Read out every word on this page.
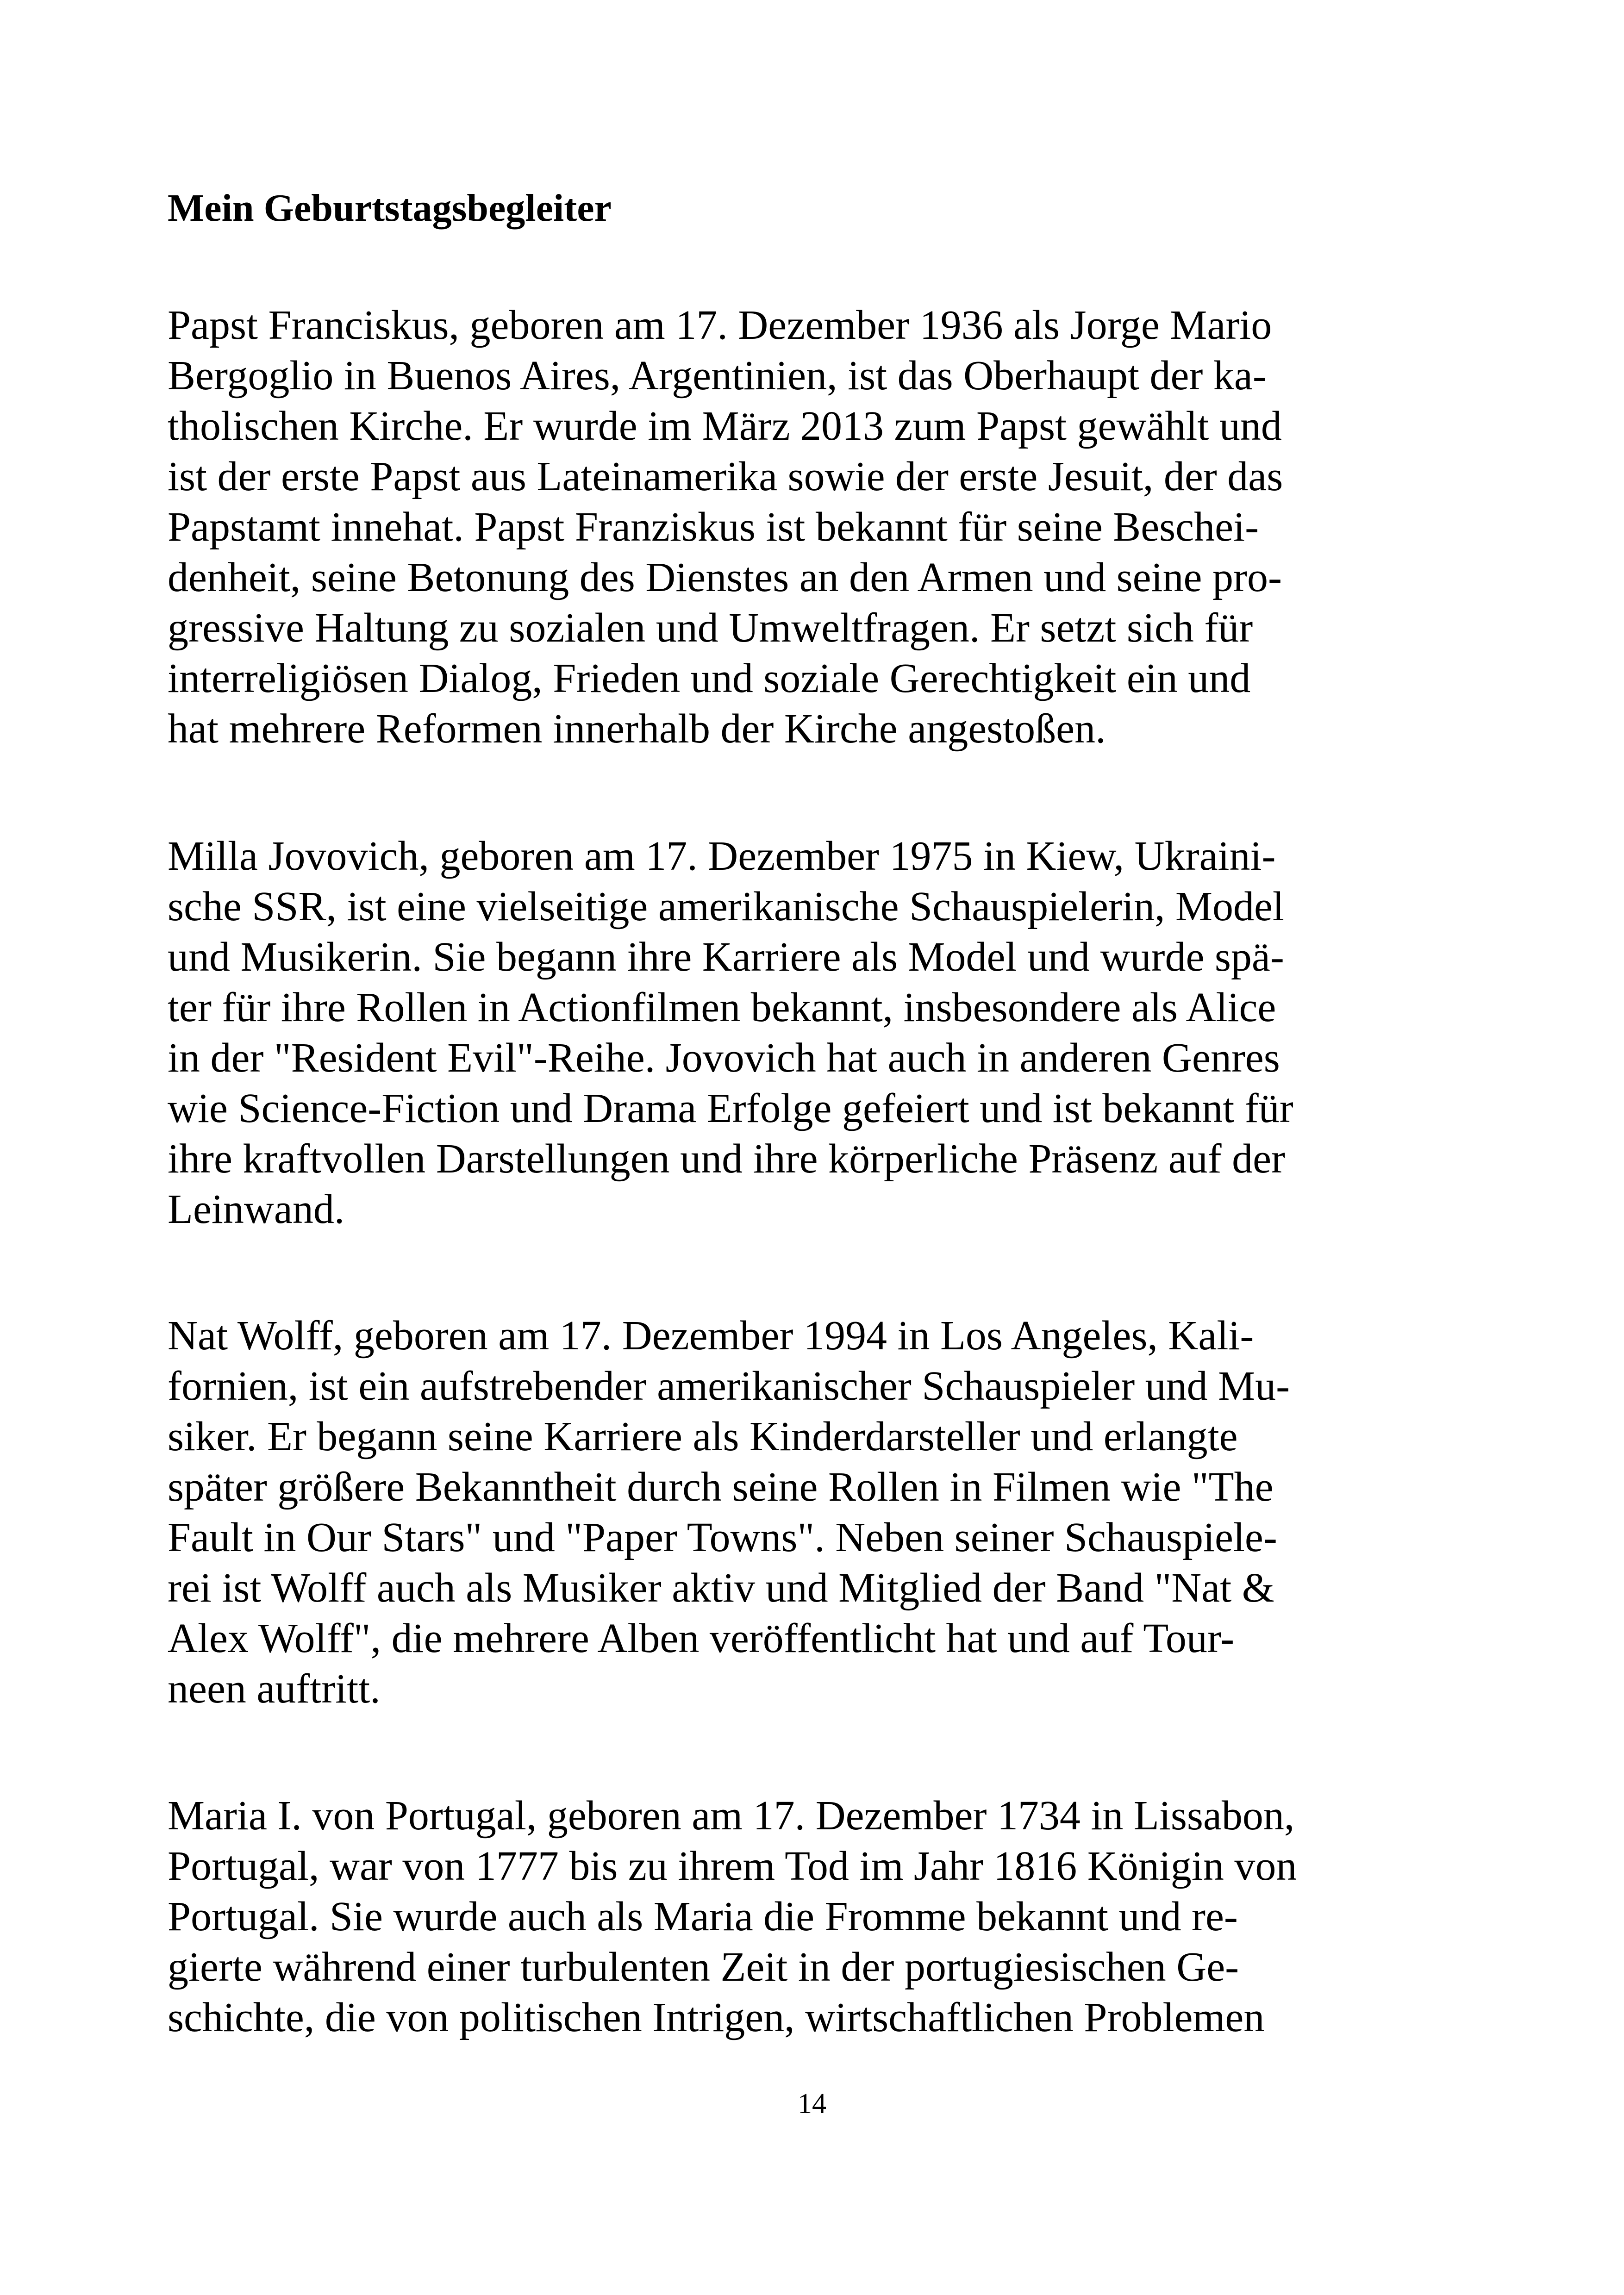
Mein Geburtstagsbegleiter

Papst Franciskus, geboren am 17. Dezember 1936 als Jorge Mario
Bergoglio in Buenos Aires, Argentinien, ist das Oberhaupt der ka-
tholischen Kirche. Er wurde im März 2013 zum Papst gewählt und
ist der erste Papst aus Lateinamerika sowie der erste Jesuit, der das
Papstamt innehat. Papst Franziskus ist bekannt für seine Beschei-
denheit, seine Betonung des Dienstes an den Armen und seine pro-
gressive Haltung zu sozialen und Umweltfragen. Er setzt sich für
interreligiösen Dialog, Frieden und soziale Gerechtigkeit ein und
hat mehrere Reformen innerhalb der Kirche angestoßen.

Milla Jovovich, geboren am 17. Dezember 1975 in Kiew, Ukraini-
sche SSR, ist eine vielseitige amerikanische Schauspielerin, Model
und Musikerin. Sie begann ihre Karriere als Model und wurde spä-
ter für ihre Rollen in Actionfilmen bekannt, insbesondere als Alice
in der "Resident Evil"-Reihe. Jovovich hat auch in anderen Genres
wie Science-Fiction und Drama Erfolge gefeiert und ist bekannt für
ihre kraftvollen Darstellungen und ihre körperliche Präsenz auf der
Leinwand.

Nat Wolff, geboren am 17. Dezember 1994 in Los Angeles, Kali-
fornien, ist ein aufstrebender amerikanischer Schauspieler und Mu-
siker. Er begann seine Karriere als Kinderdarsteller und erlangte
später größere Bekanntheit durch seine Rollen in Filmen wie "The
Fault in Our Stars" und "Paper Towns". Neben seiner Schauspiele-
rei ist Wolff auch als Musiker aktiv und Mitglied der Band "Nat &
Alex Wolff", die mehrere Alben veröffentlicht hat und auf Tour-
neen auftritt.

Maria I. von Portugal, geboren am 17. Dezember 1734 in Lissabon,
Portugal, war von 1777 bis zu ihrem Tod im Jahr 1816 Königin von
Portugal. Sie wurde auch als Maria die Fromme bekannt und re-
gierte während einer turbulenten Zeit in der portugiesischen Ge-
schichte, die von politischen Intrigen, wirtschaftlichen Problemen

14
